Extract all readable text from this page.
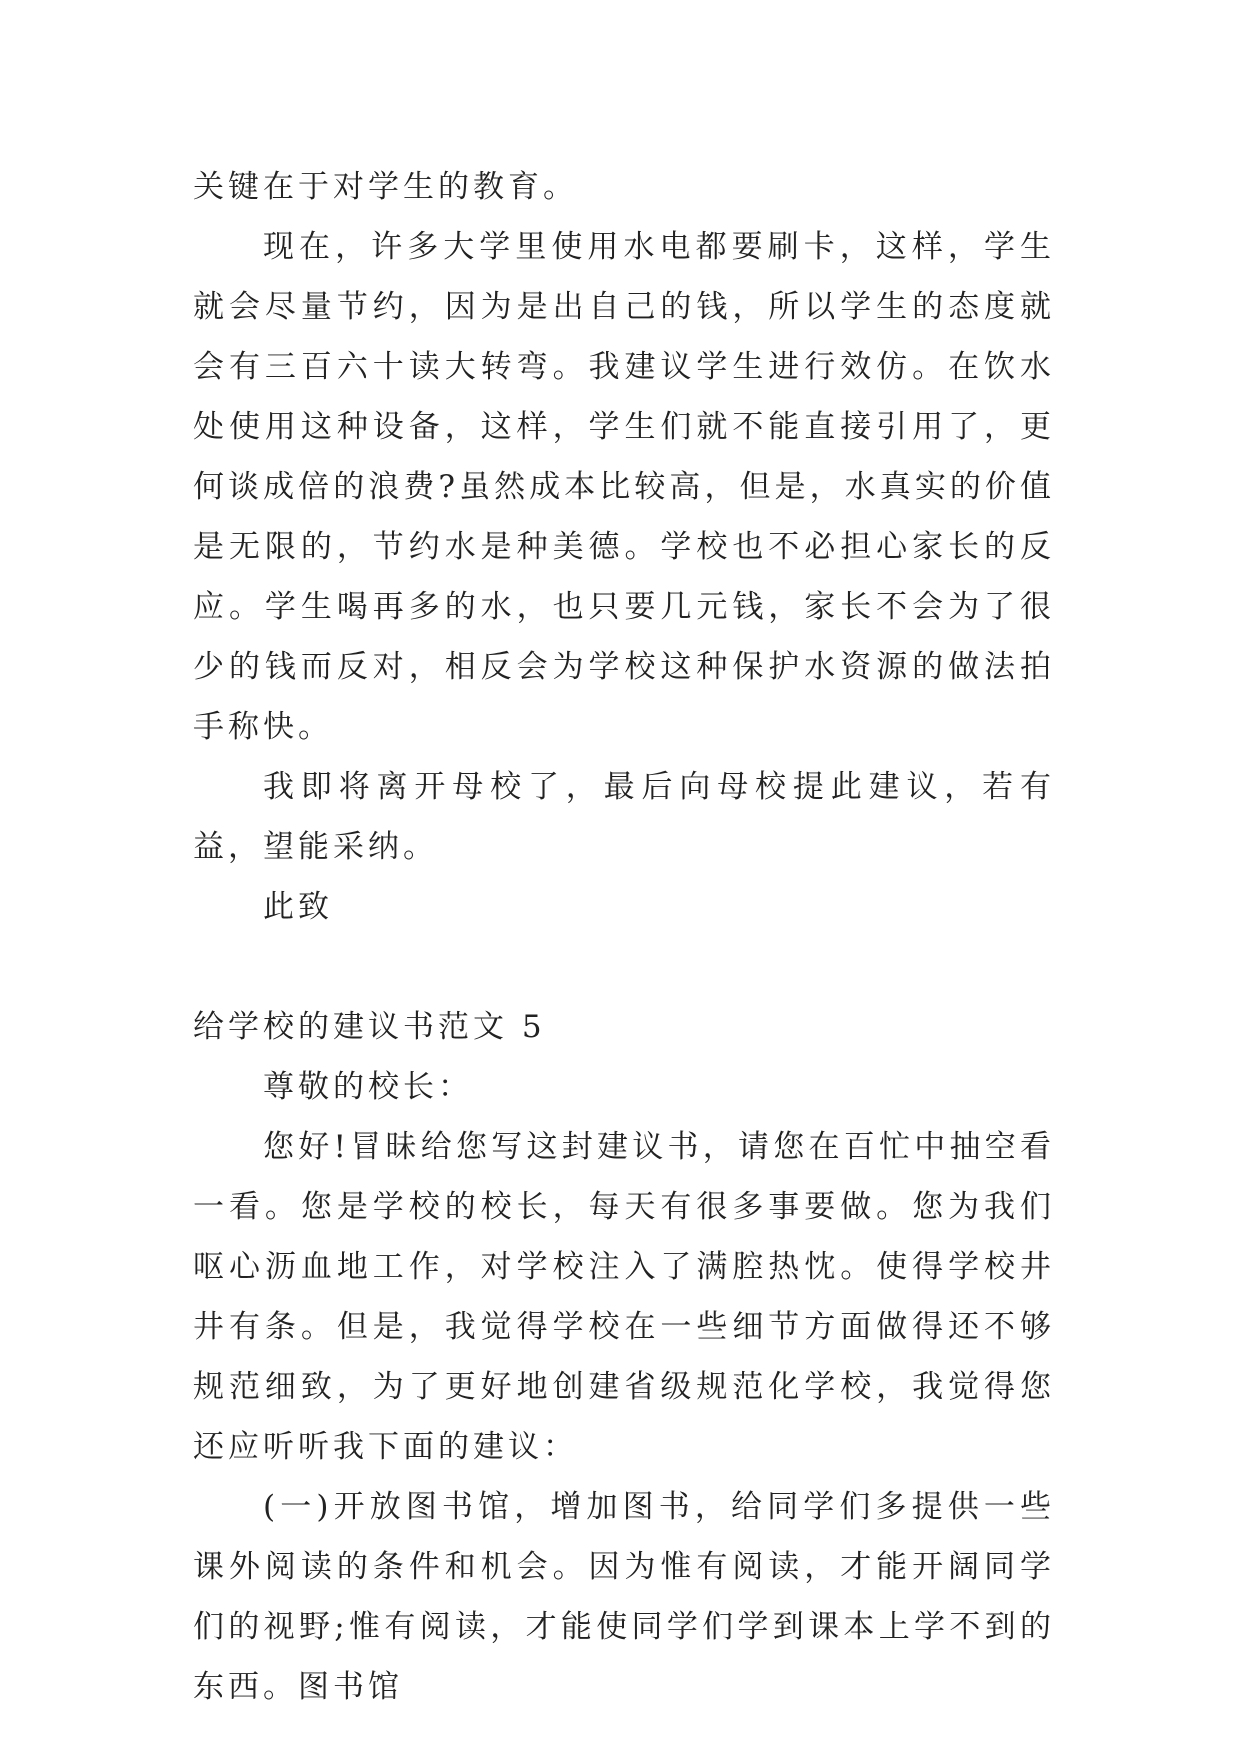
关键在于对学生的教育。

现在，许多大学里使用水电都要刷卡，这样，学生就会尽量节约，因为是出自己的钱，所以学生的态度就会有三百六十读大转弯。我建议学生进行效仿。在饮水处使用这种设备，这样，学生们就不能直接引用了，更何谈成倍的浪费?虽然成本比较高，但是，水真实的价值是无限的，节约水是种美德。学校也不必担心家长的反应。学生喝再多的水，也只要几元钱，家长不会为了很少的钱而反对，相反会为学校这种保护水资源的做法拍手称快。

我即将离开母校了，最后向母校提此建议，若有益，望能采纳。

此致

给学校的建议书范文 5

尊敬的校长：

您好!冒昧给您写这封建议书，请您在百忙中抽空看一看。您是学校的校长，每天有很多事要做。您为我们呕心沥血地工作，对学校注入了满腔热忱。使得学校井井有条。但是，我觉得学校在一些细节方面做得还不够规范细致，为了更好地创建省级规范化学校，我觉得您还应听听我下面的建议：

(一)开放图书馆，增加图书，给同学们多提供一些课外阅读的条件和机会。因为惟有阅读，才能开阔同学们的视野;惟有阅读，才能使同学们学到课本上学不到的东西。图书馆
